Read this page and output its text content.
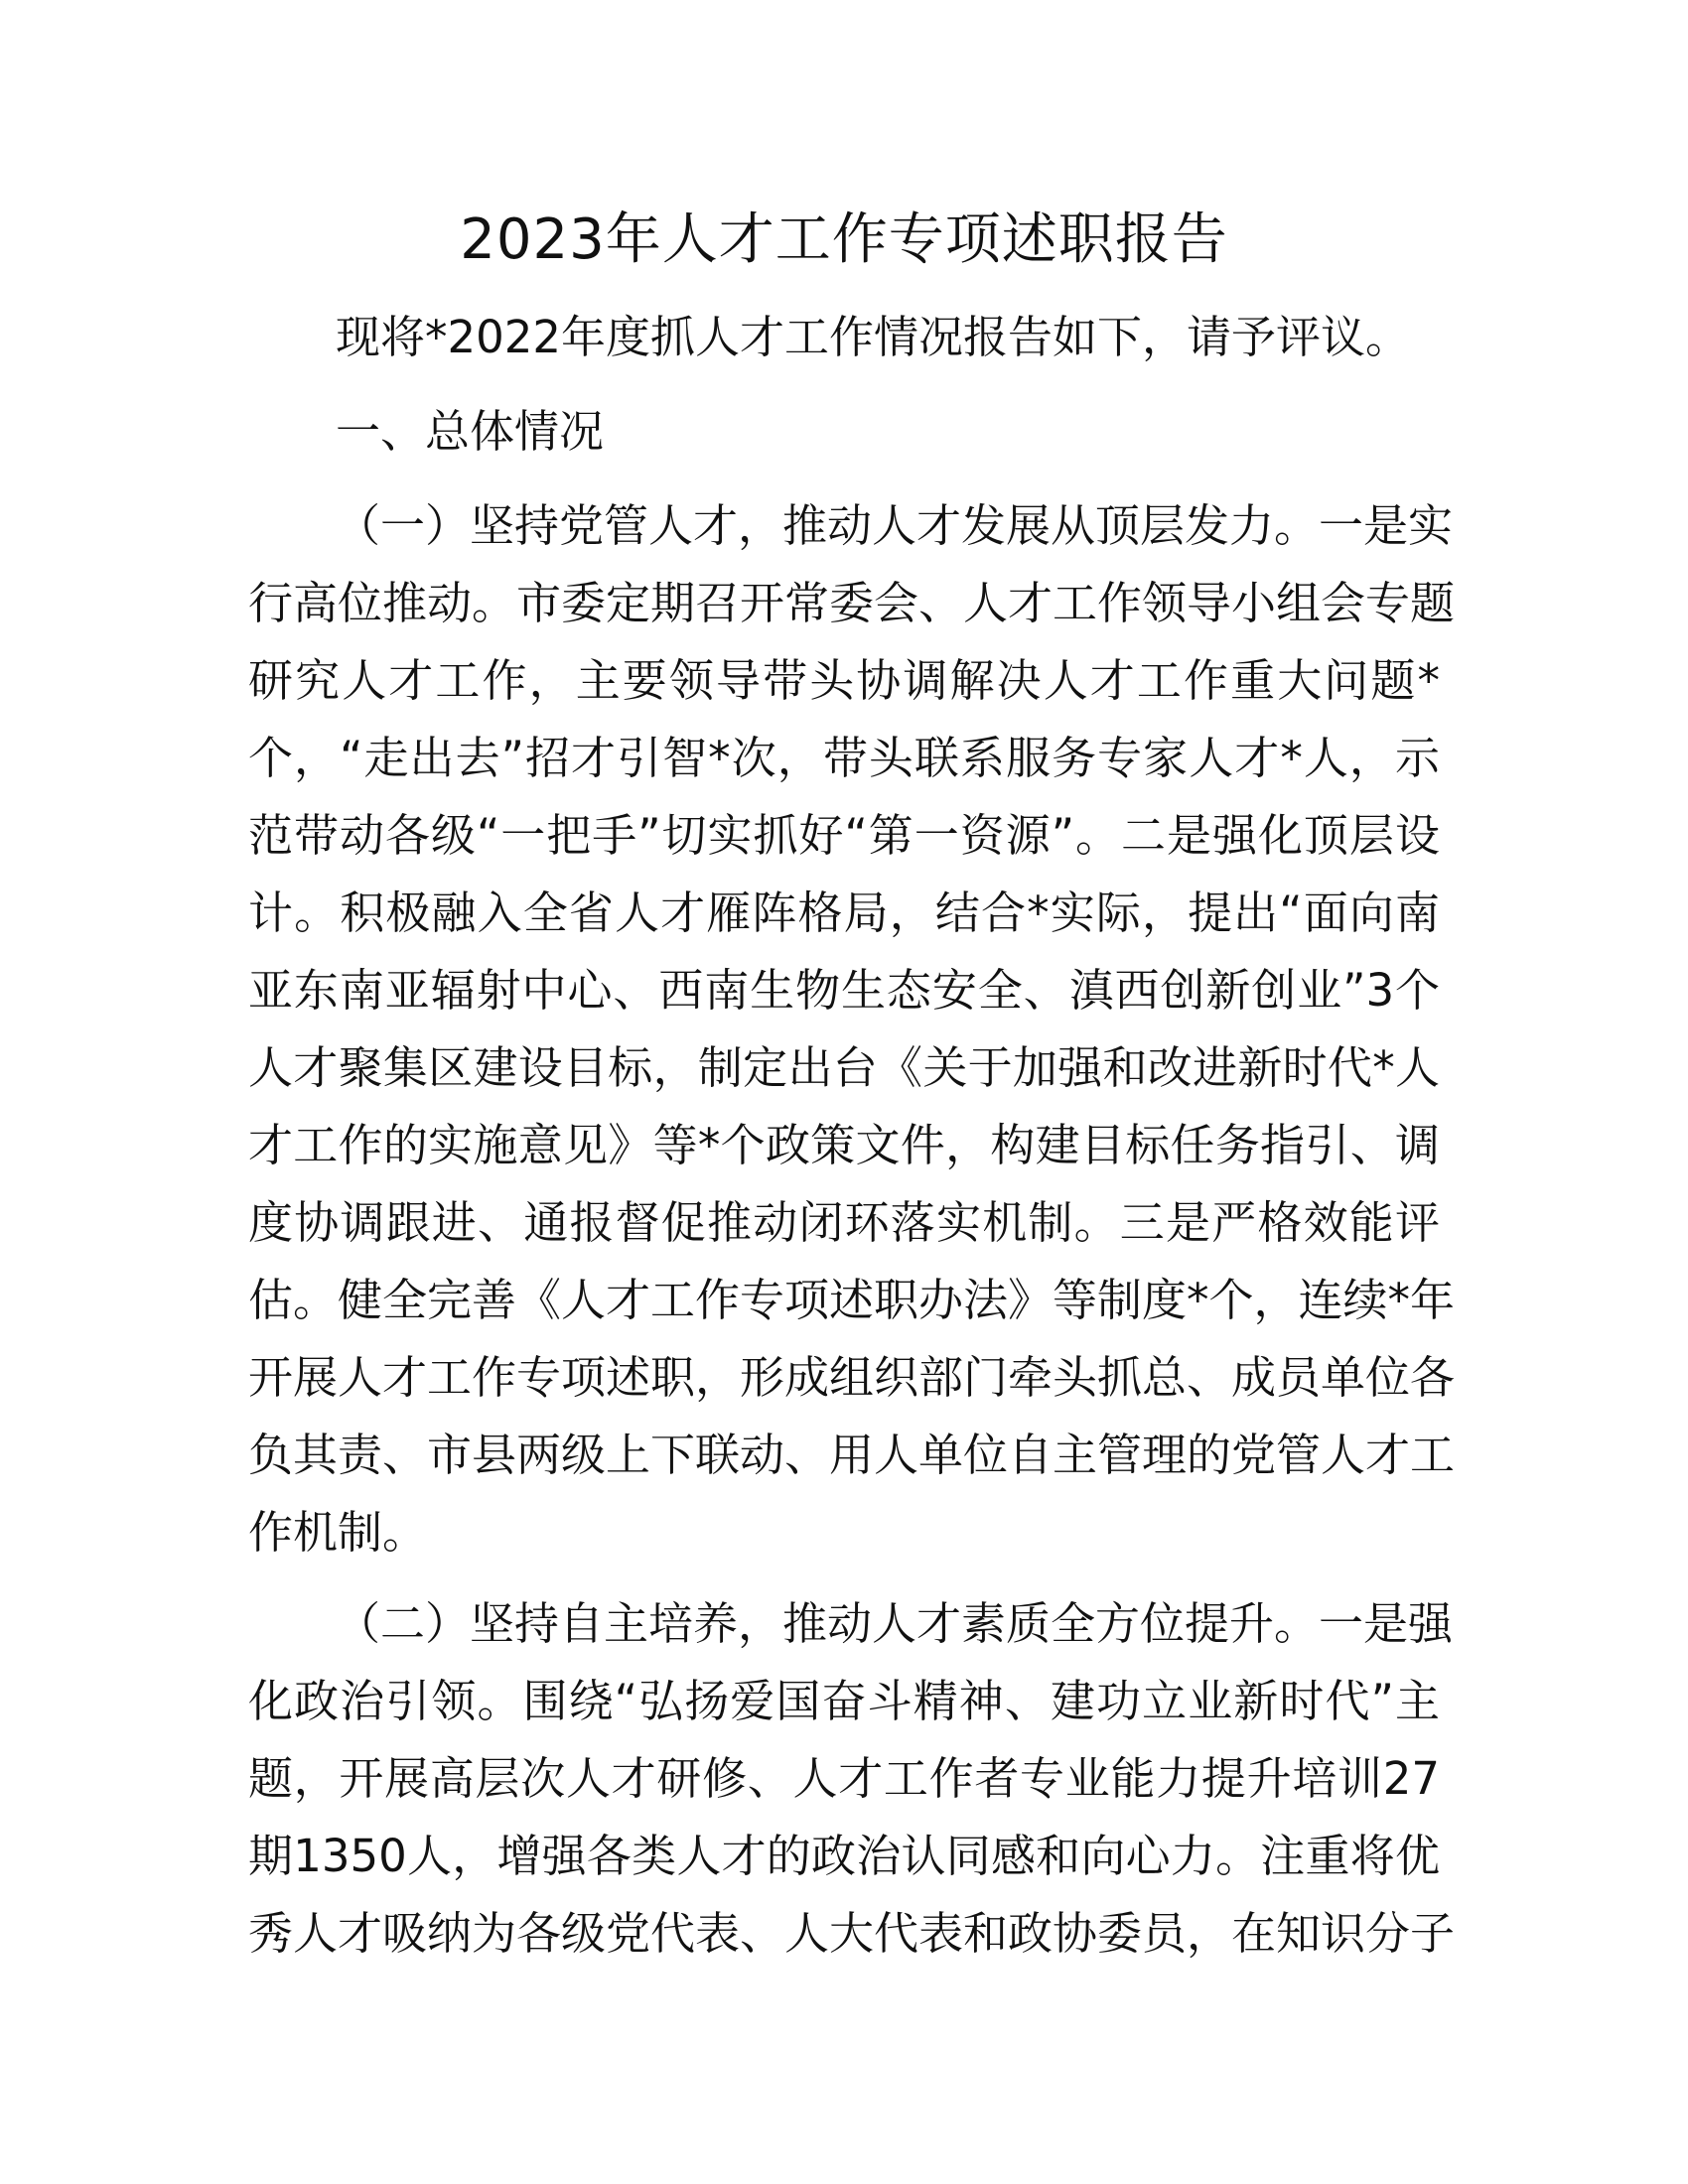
2023年人才工作专项述职报告
现将*2022年度抓人才工作情况报告如下，请予评议。
一、总体情况
（一）坚持党管人才，推动人才发展从顶层发力。一是实
行高位推动。市委定期召开常委会、人才工作领导小组会专题
研究人才工作，主要领导带头协调解决人才工作重大问题*
个，“走出去”招才引智*次，带头联系服务专家人才*人，示
范带动各级“一把手”切实抓好“第一资源”。二是强化顶层设
计。积极融入全省人才雁阵格局，结合*实际，提出“面向南
亚东南亚辐射中心、西南生物生态安全、滇西创新创业”3个
人才聚集区建设目标，制定出台《关于加强和改进新时代*人
才工作的实施意见》等*个政策文件，构建目标任务指引、调
度协调跟进、通报督促推动闭环落实机制。三是严格效能评
估。健全完善《人才工作专项述职办法》等制度*个，连续*年
开展人才工作专项述职，形成组织部门牵头抓总、成员单位各
负其责、市县两级上下联动、用人单位自主管理的党管人才工
作机制。
（二）坚持自主培养，推动人才素质全方位提升。一是强
化政治引领。围绕“弘扬爱国奋斗精神、建功立业新时代”主
题，开展高层次人才研修、人才工作者专业能力提升培训27
期1350人，增强各类人才的政治认同感和向心力。注重将优
秀人才吸纳为各级党代表、人大代表和政协委员，在知识分子
